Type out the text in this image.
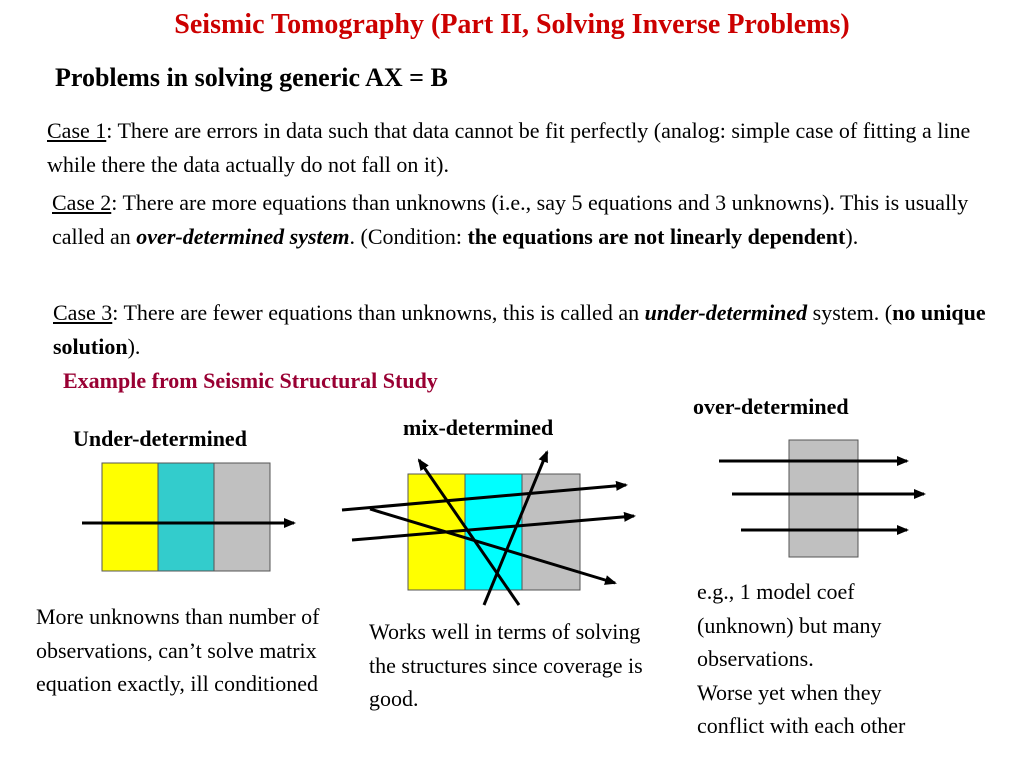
Seismic Tomography (Part II, Solving Inverse Problems)
Problems in solving generic AX = B
Case 1: There are errors in data such that data cannot be fit perfectly (analog: simple case of fitting a line while there the data actually do not fall on it).
Case 2: There are more equations than unknowns (i.e., say 5 equations and 3 unknowns). This is usually called an over-determined system. (Condition: the equations are not linearly dependent).
Case 3: There are fewer equations than unknowns, this is called an under-determined system. (no unique solution).
Example from Seismic Structural Study
Under-determined	mix-determined
over-determined
More unknowns than number of observations, can’t solve matrix equation exactly, ill conditioned
Works well in terms of solving the structures since coverage is good.
e.g., 1 model coef
(unknown) but many
observations.
Worse yet when they
conflict with each other
